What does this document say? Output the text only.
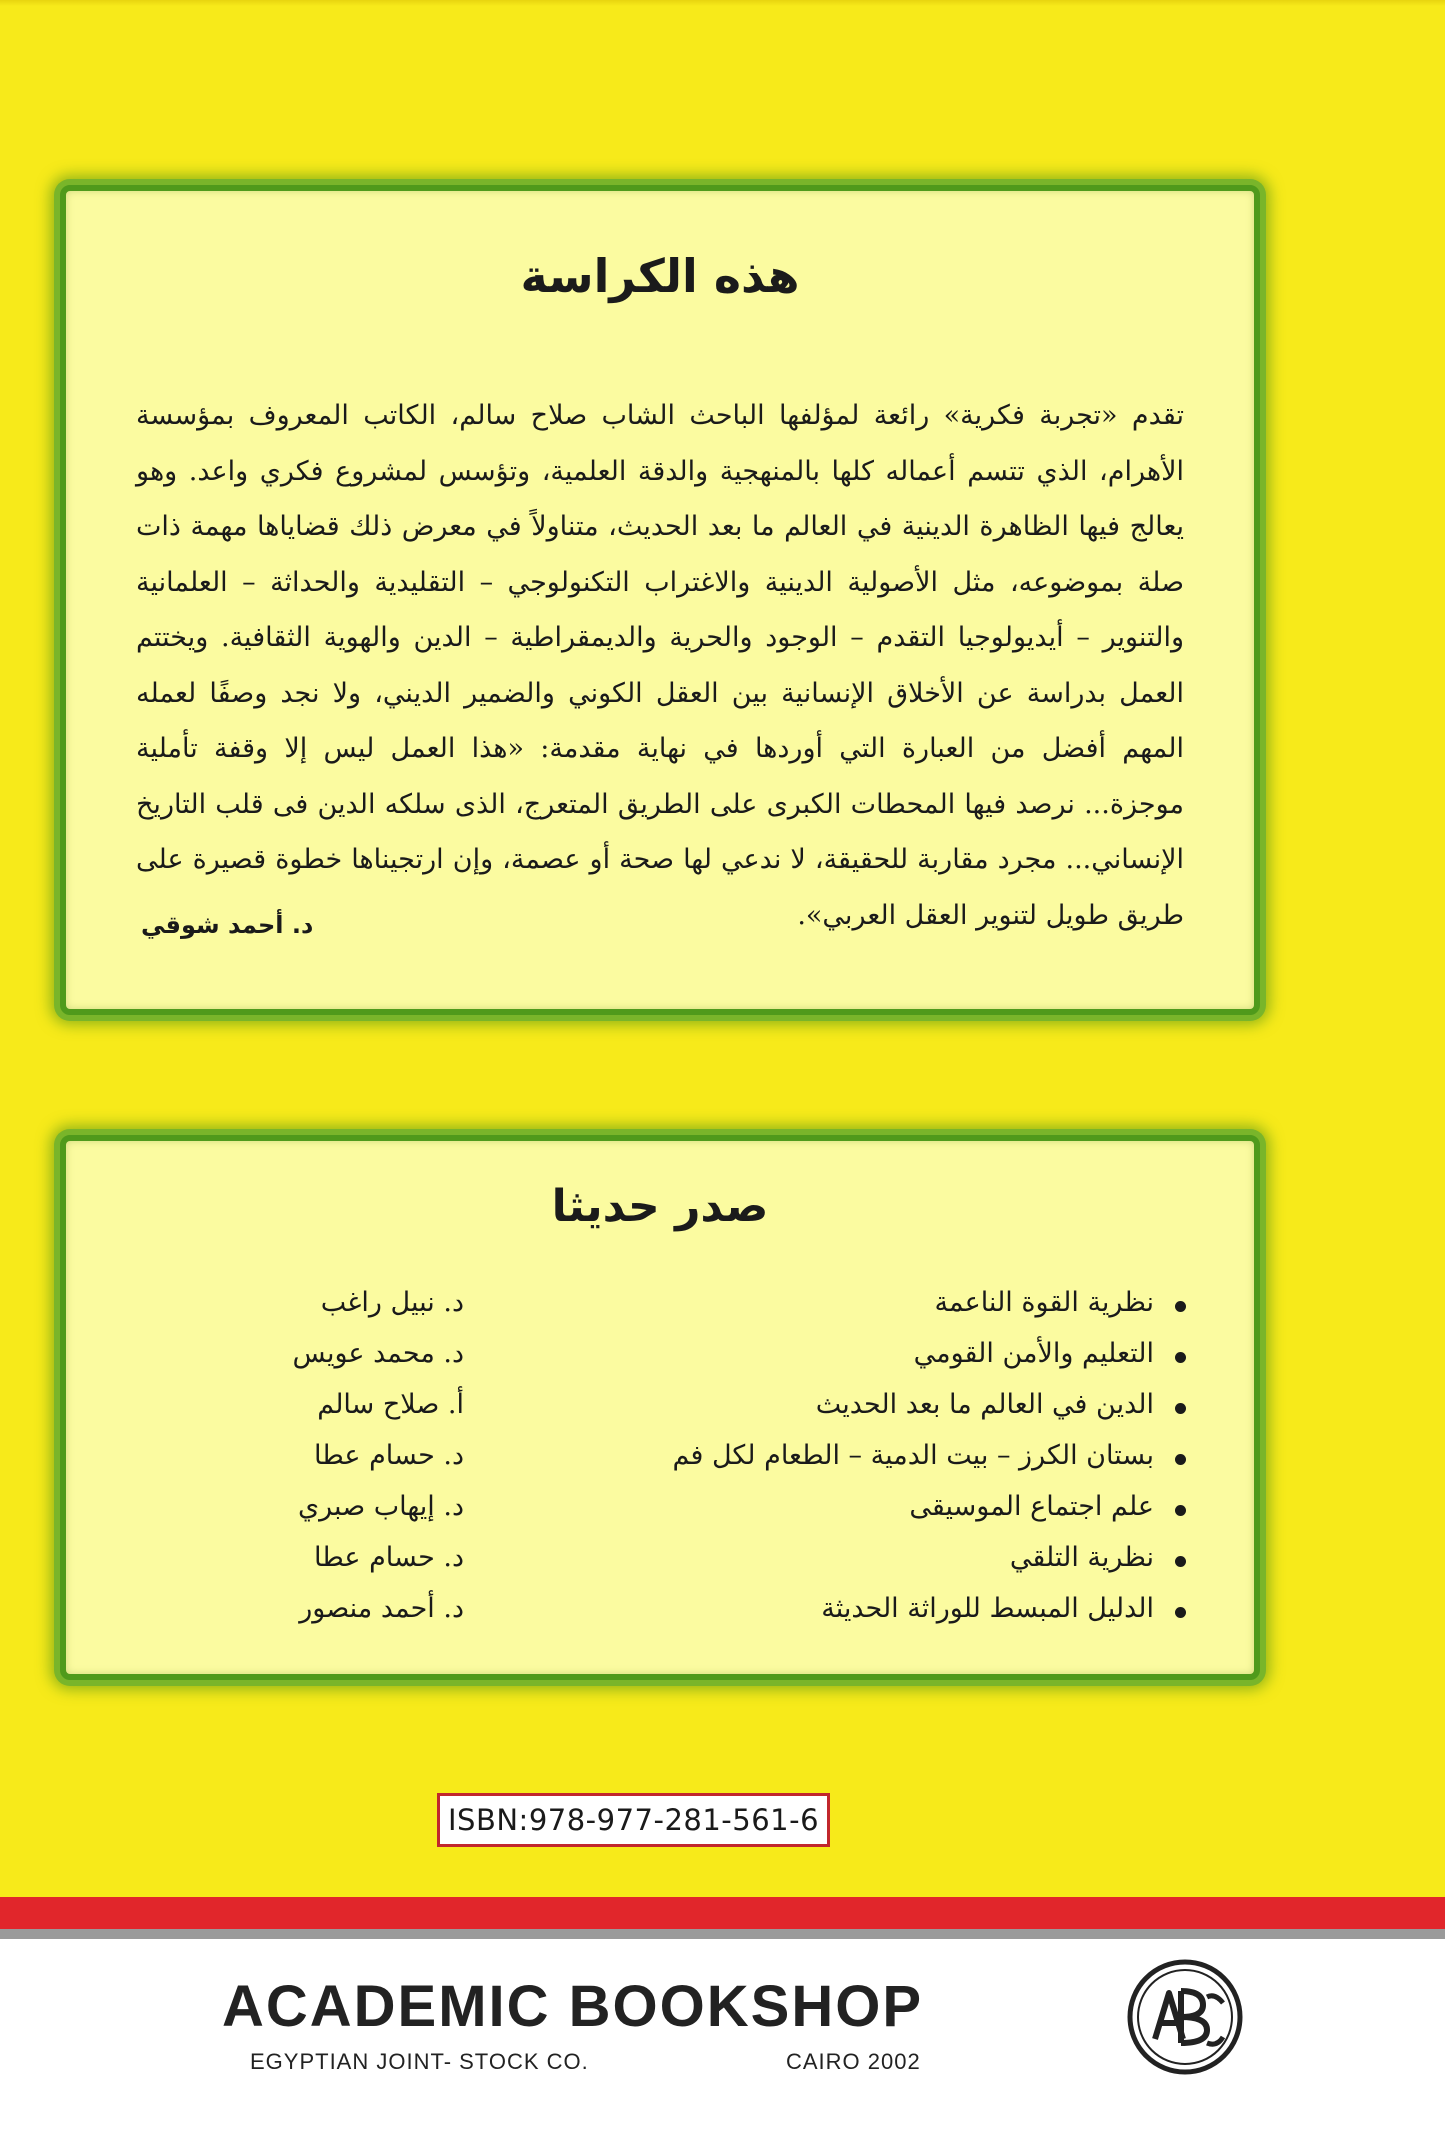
هذه الكراسة

تقدم «تجربة فكرية» رائعة لمؤلفها الباحث الشاب صلاح سالم، الكاتب المعروف بمؤسسة الأهرام، الذي تتسم أعماله كلها بالمنهجية والدقة العلمية، وتؤسس لمشروع فكري واعد. وهو يعالج فيها الظاهرة الدينية في العالم ما بعد الحديث، متناولاً في معرض ذلك قضاياها مهمة ذات صلة بموضوعه، مثل الأصولية الدينية والاغتراب التكنولوجي – التقليدية والحداثة – العلمانية والتنوير – أيديولوجيا التقدم – الوجود والحرية والديمقراطية – الدين والهوية الثقافية. ويختتم العمل بدراسة عن الأخلاق الإنسانية بين العقل الكوني والضمير الديني، ولا نجد وصفًا لعمله المهم أفضل من العبارة التي أوردها في نهاية مقدمة: «هذا العمل ليس إلا وقفة تأملية موجزة... نرصد فيها المحطات الكبرى على الطريق المتعرج، الذى سلكه الدين فى قلب التاريخ الإنساني... مجرد مقاربة للحقيقة، لا ندعي لها صحة أو عصمة، وإن ارتجيناها خطوة قصيرة على طريق طويل لتنوير العقل العربي».

د. أحمد شوقي
صدر حديثا
نظرية القوة الناعمة
د. نبيل راغب
التعليم والأمن القومي
د. محمد عويس
الدين في العالم ما بعد الحديث
أ. صلاح سالم
بستان الكرز – بيت الدمية – الطعام لكل فم
د. حسام عطا
علم اجتماع الموسيقى
د. إيهاب صبري
نظرية التلقي
د. حسام عطا
الدليل المبسط للوراثة الحديثة
د. أحمد منصور
ISBN:978-977-281-561-6
ACADEMIC BOOKSHOP
EGYPTIAN JOINT- STOCK CO.	CAIRO 2002
